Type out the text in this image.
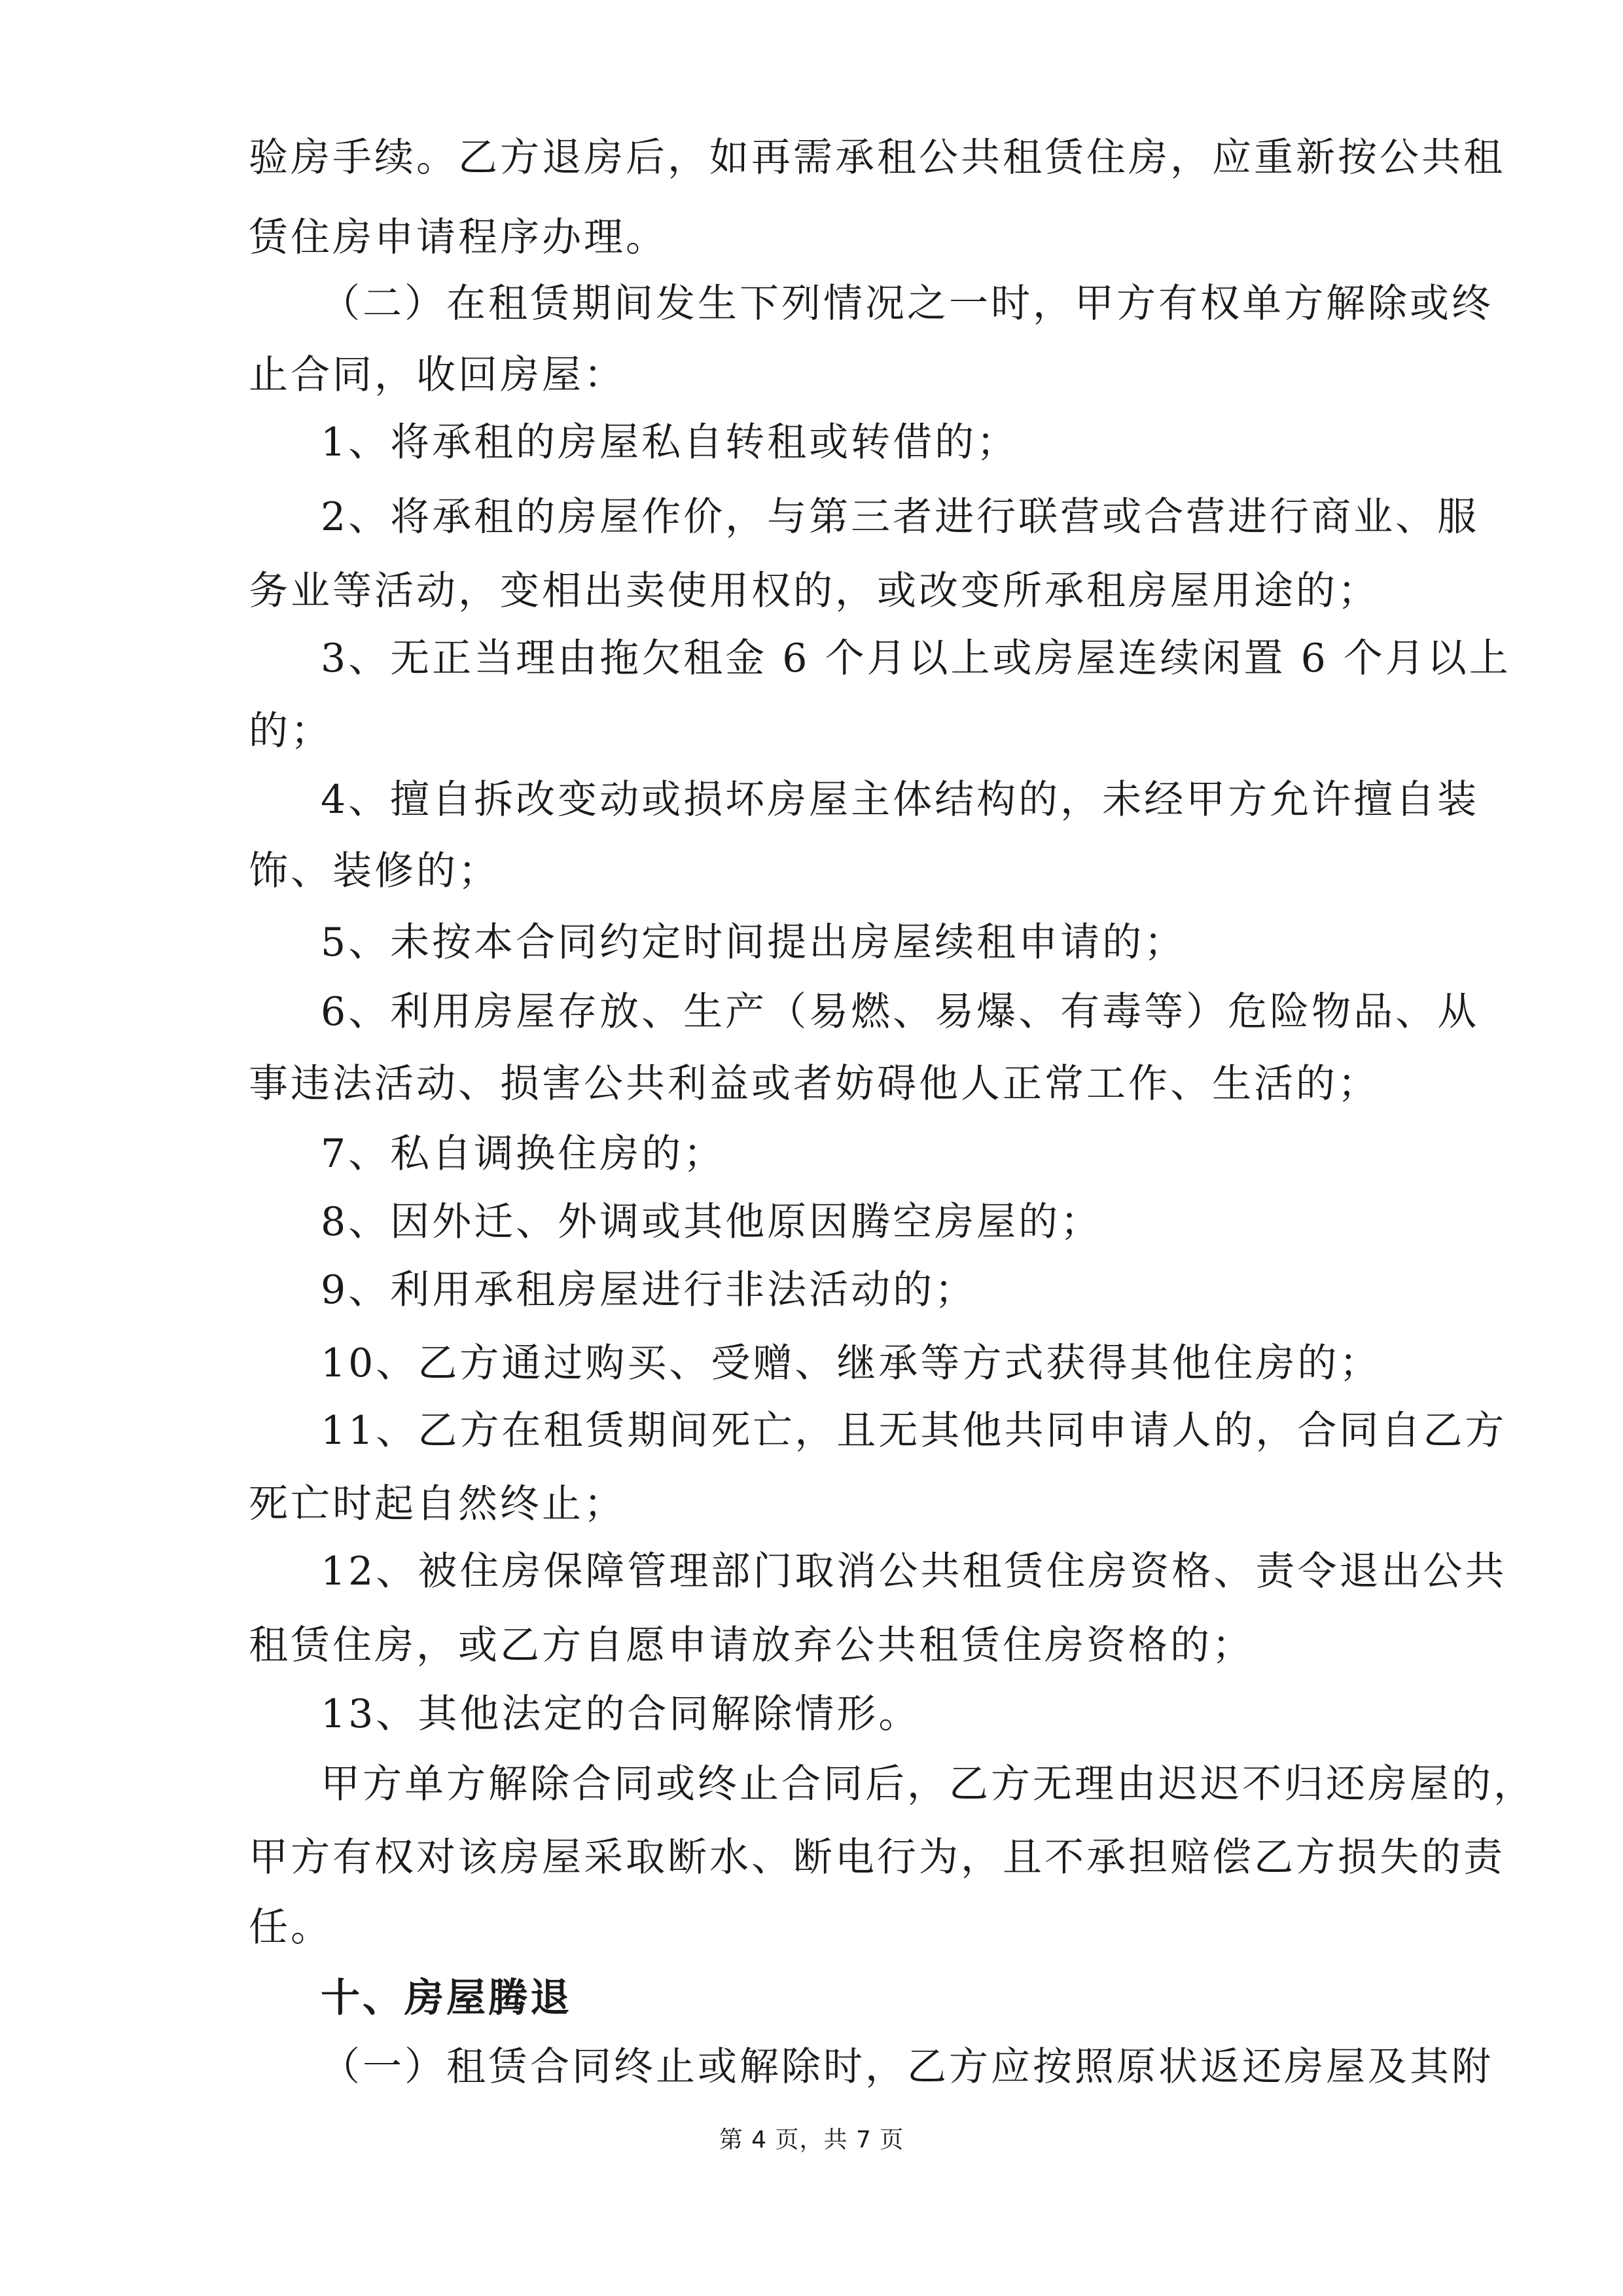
验房手续。乙方退房后，如再需承租公共租赁住房，应重新按公共租
赁住房申请程序办理。
（二）在租赁期间发生下列情况之一时，甲方有权单方解除或终
止合同，收回房屋：
1、将承租的房屋私自转租或转借的；
2、将承租的房屋作价，与第三者进行联营或合营进行商业、服
务业等活动，变相出卖使用权的，或改变所承租房屋用途的；
3、无正当理由拖欠租金 6 个月以上或房屋连续闲置 6 个月以上
的；
4、擅自拆改变动或损坏房屋主体结构的，未经甲方允许擅自装
饰、装修的；
5、未按本合同约定时间提出房屋续租申请的；
6、利用房屋存放、生产（易燃、易爆、有毒等）危险物品、从
事违法活动、损害公共利益或者妨碍他人正常工作、生活的；
7、私自调换住房的；
8、因外迁、外调或其他原因腾空房屋的；
9、利用承租房屋进行非法活动的；
10、乙方通过购买、受赠、继承等方式获得其他住房的；
11、乙方在租赁期间死亡，且无其他共同申请人的，合同自乙方
死亡时起自然终止；
12、被住房保障管理部门取消公共租赁住房资格、责令退出公共
租赁住房，或乙方自愿申请放弃公共租赁住房资格的；
13、其他法定的合同解除情形。
甲方单方解除合同或终止合同后，乙方无理由迟迟不归还房屋的，
甲方有权对该房屋采取断水、断电行为，且不承担赔偿乙方损失的责
任。
十、房屋腾退
（一）租赁合同终止或解除时，乙方应按照原状返还房屋及其附
第 4 页，共 7 页
